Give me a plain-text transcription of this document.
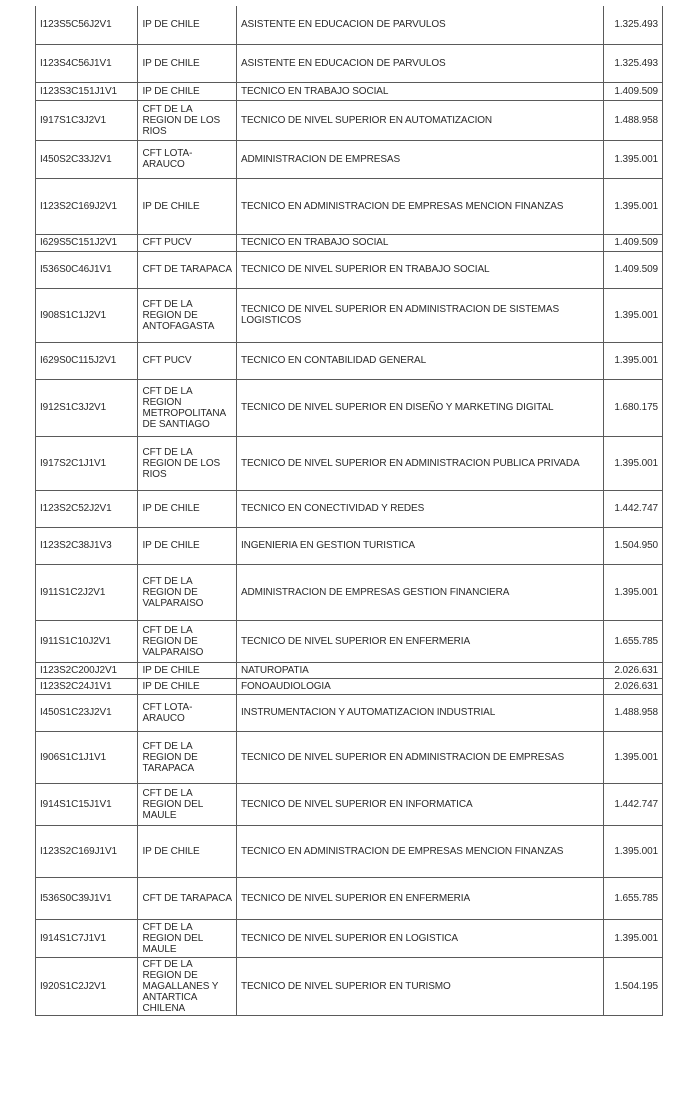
I123S5C56J2V1	IP DE CHILE	ASISTENTE EN EDUCACION DE PARVULOS	1.325.493
I123S4C56J1V1	IP DE CHILE	ASISTENTE EN EDUCACION DE PARVULOS	1.325.493
I123S3C151J1V1	IP DE CHILE	TECNICO EN TRABAJO SOCIAL	1.409.509
I917S1C3J2V1	CFT DE LA REGION DE LOS RIOS	TECNICO DE NIVEL SUPERIOR EN AUTOMATIZACION	1.488.958
I450S2C33J2V1	CFT LOTA-ARAUCO	ADMINISTRACION DE EMPRESAS	1.395.001
I123S2C169J2V1	IP DE CHILE	TECNICO EN ADMINISTRACION DE EMPRESAS MENCION FINANZAS	1.395.001
I629S5C151J2V1	CFT PUCV	TECNICO EN TRABAJO SOCIAL	1.409.509
I536S0C46J1V1	CFT DE TARAPACA	TECNICO DE NIVEL SUPERIOR EN TRABAJO SOCIAL	1.409.509
I908S1C1J2V1	CFT DE LA REGION DE ANTOFAGASTA	TECNICO DE NIVEL SUPERIOR EN ADMINISTRACION DE SISTEMAS LOGISTICOS	1.395.001
I629S0C115J2V1	CFT PUCV	TECNICO EN CONTABILIDAD GENERAL	1.395.001
I912S1C3J2V1	CFT DE LA REGION METROPOLITANA DE SANTIAGO	TECNICO DE NIVEL SUPERIOR EN DISEÑO Y MARKETING DIGITAL	1.680.175
I917S2C1J1V1	CFT DE LA REGION DE LOS RIOS	TECNICO DE NIVEL SUPERIOR EN ADMINISTRACION PUBLICA PRIVADA	1.395.001
I123S2C52J2V1	IP DE CHILE	TECNICO EN CONECTIVIDAD Y REDES	1.442.747
I123S2C38J1V3	IP DE CHILE	INGENIERIA EN GESTION TURISTICA	1.504.950
I911S1C2J2V1	CFT DE LA REGION DE VALPARAISO	ADMINISTRACION DE EMPRESAS GESTION FINANCIERA	1.395.001
I911S1C10J2V1	CFT DE LA REGION DE VALPARAISO	TECNICO DE NIVEL SUPERIOR EN ENFERMERIA	1.655.785
I123S2C200J2V1	IP DE CHILE	NATUROPATIA	2.026.631
I123S2C24J1V1	IP DE CHILE	FONOAUDIOLOGIA	2.026.631
I450S1C23J2V1	CFT LOTA-ARAUCO	INSTRUMENTACION Y AUTOMATIZACION INDUSTRIAL	1.488.958
I906S1C1J1V1	CFT DE LA REGION DE TARAPACA	TECNICO DE NIVEL SUPERIOR EN ADMINISTRACION DE EMPRESAS	1.395.001
I914S1C15J1V1	CFT DE LA REGION DEL MAULE	TECNICO DE NIVEL SUPERIOR EN INFORMATICA	1.442.747
I123S2C169J1V1	IP DE CHILE	TECNICO EN ADMINISTRACION DE EMPRESAS MENCION FINANZAS	1.395.001
I536S0C39J1V1	CFT DE TARAPACA	TECNICO DE NIVEL SUPERIOR EN ENFERMERIA	1.655.785
I914S1C7J1V1	CFT DE LA REGION DEL MAULE	TECNICO DE NIVEL SUPERIOR EN LOGISTICA	1.395.001
I920S1C2J2V1	CFT DE LA REGION DE MAGALLANES Y ANTARTICA CHILENA	TECNICO DE NIVEL SUPERIOR EN TURISMO	1.504.195
